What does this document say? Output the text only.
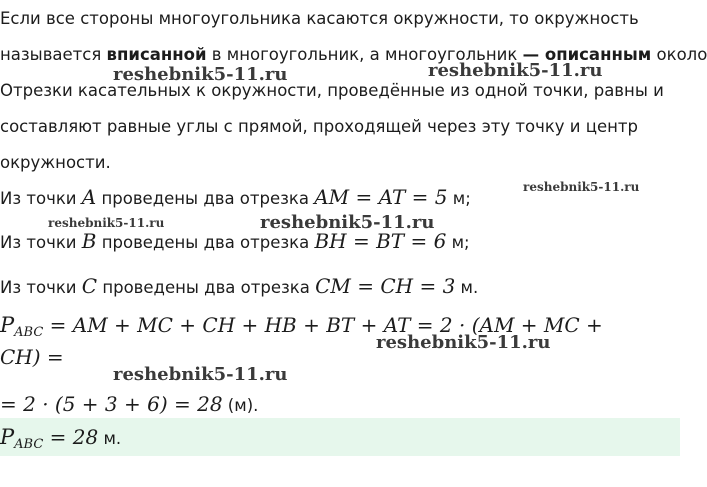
Если все стороны многоугольника касаются окружности, то окружность
называется вписанной в многоугольник, а многоугольник — описанным около
Отрезки касательных к окружности, проведённые из одной точки, равны и
составляют равные углы с прямой, проходящей через эту точку и центр
окружности.
Из точки A проведены два отрезка AM = AT = 5 м;
Из точки B проведены два отрезка BH = BT = 6 м;
Из точки C проведены два отрезка CM = CH = 3 м.
$P_{ABC}$ = AM + MC + CH + HB + BT + AT = 2 · (AM + MC +
CH) =
= 2 · (5 + 3 + 6) = 28 (м).
$P_{ABC} = 28$ м.
reshebnik5-11.ru	reshebnik5-11.ru
reshebnik5-11.ru
reshebnik5-11.ru	reshebnik5-11.ru
reshebnik5-11.ru
reshebnik5-11.ru
